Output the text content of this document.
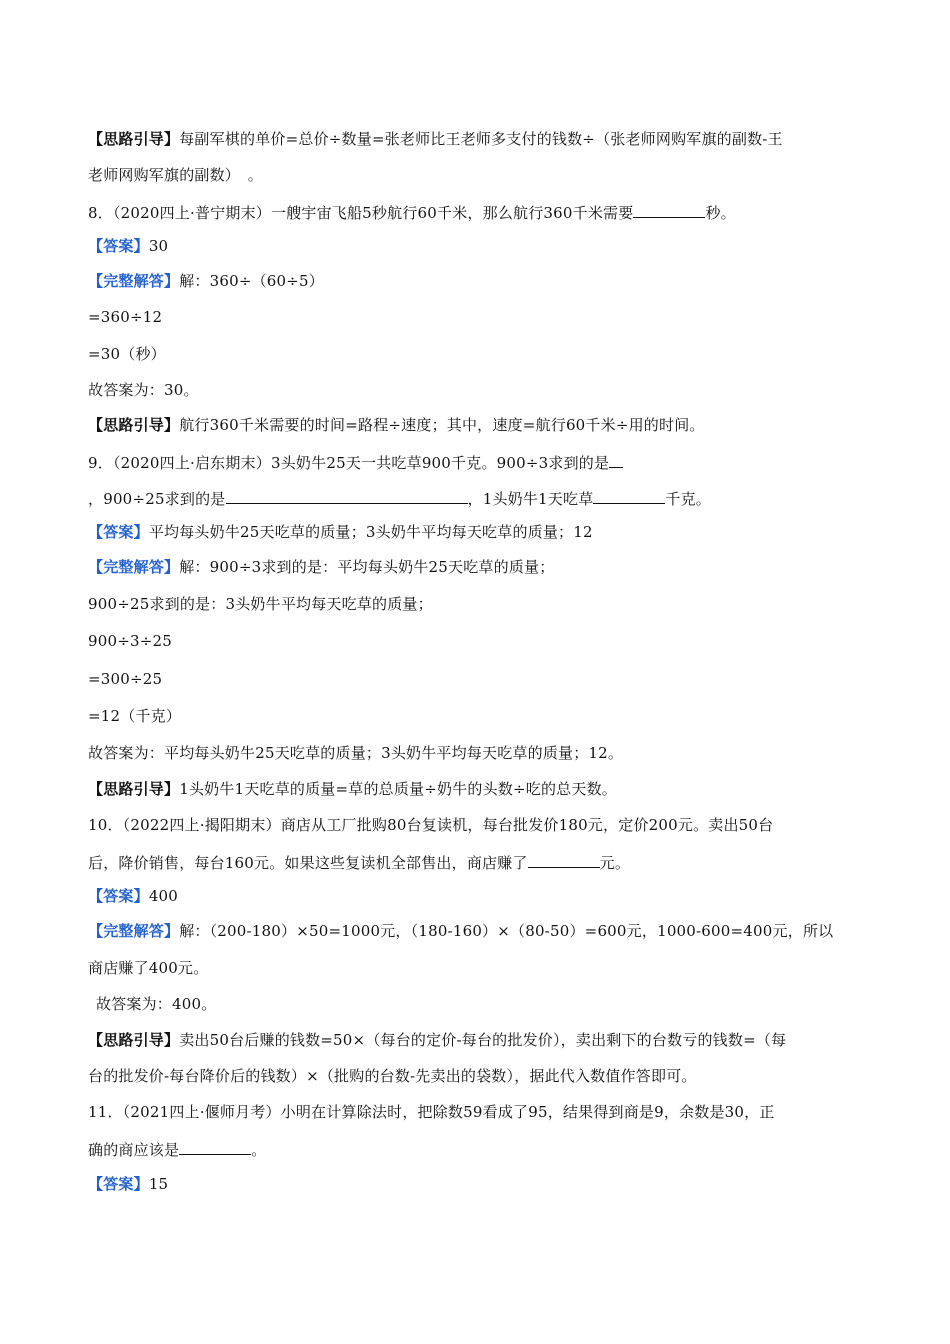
【思路引导】每副军棋的单价=总价÷数量=张老师比王老师多支付的钱数÷（张老师网购军旗的副数-王
老师网购军旗的副数）　。
8．（2020四上·普宁期末）一艘宇宙飞船5秒航行60千米，那么航行360千米需要	秒。
【答案】30
【完整解答】解：360÷（60÷5）
=360÷12
=30（秒）
故答案为：30。
【思路引导】航行360千米需要的时间=路程÷速度；其中，速度=航行60千米÷用的时间。
9．（2020四上·启东期末）3头奶牛25天一共吃草900千克。900÷3求到的是
，900÷25求到的是	，1头奶牛1天吃草	千克。
【答案】平均每头奶牛25天吃草的质量；3头奶牛平均每天吃草的质量；12
【完整解答】解：900÷3求到的是：平均每头奶牛25天吃草的质量；
900÷25求到的是：3头奶牛平均每天吃草的质量；
900÷3÷25
=300÷25
=12（千克）
故答案为：平均每头奶牛25天吃草的质量；3头奶牛平均每天吃草的质量；12。
【思路引导】1头奶牛1天吃草的质量=草的总质量÷奶牛的头数÷吃的总天数。
10．（2022四上·揭阳期末）商店从工厂批购80台复读机，每台批发价180元，定价200元。卖出50台
后，降价销售，每台160元。如果这些复读机全部售出，商店赚了	元。
【答案】400
【完整解答】解：（200-180）×50=1000元，（180-160）×（80-50）=600元，1000-600=400元，所以
商店赚了400元。
故答案为：400。
【思路引导】卖出50台后赚的钱数=50×（每台的定价-每台的批发价），卖出剩下的台数亏的钱数=（每
台的批发价-每台降价后的钱数）×（批购的台数-先卖出的袋数），据此代入数值作答即可。
11．（2021四上·偃师月考）小明在计算除法时，把除数59看成了95，结果得到商是9，余数是30，正
确的商应该是	。
【答案】15
